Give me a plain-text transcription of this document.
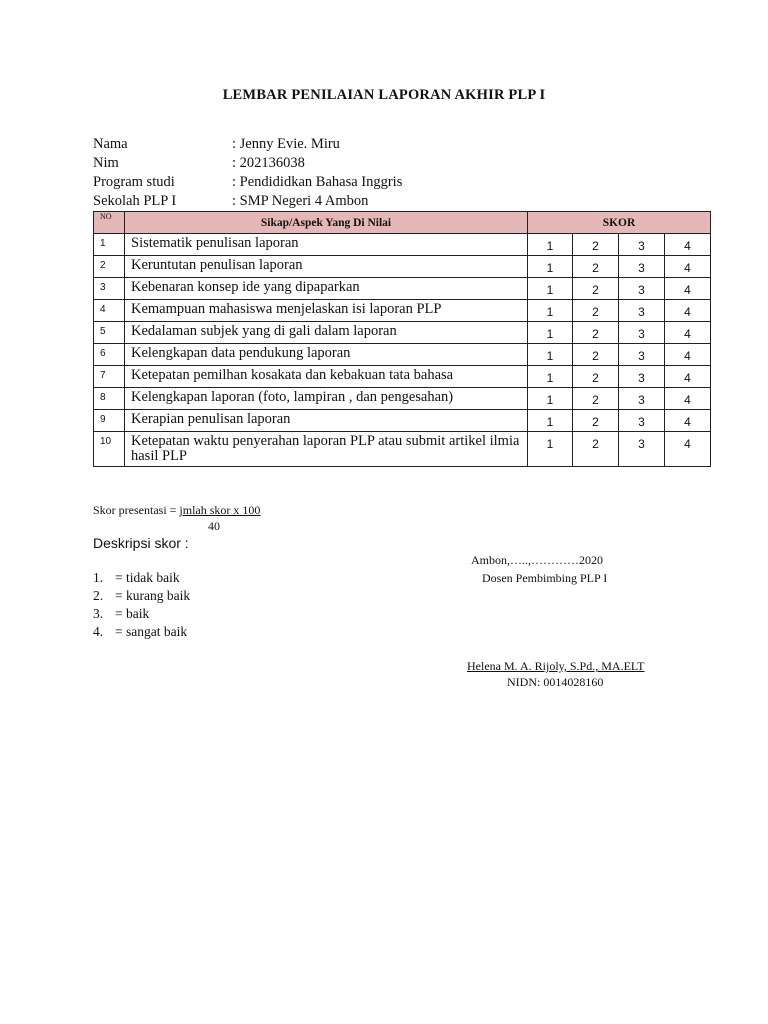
LEMBAR PENILAIAN LAPORAN AKHIR PLP I
Nama	: Jenny Evie. Miru
Nim	: 202136038
Program studi	: Pendididkan Bahasa Inggris
Sekolah PLP I	: SMP Negeri 4 Ambon
NO	Sikap/Aspek Yang Di Nilai	SKOR			
1	Sistematik penulisan laporan	1	2	3	4
2	Keruntutan penulisan laporan	1	2	3	4
3	Kebenaran konsep ide yang dipaparkan	1	2	3	4
4	Kemampuan mahasiswa menjelaskan isi laporan PLP	1	2	3	4
5	Kedalaman subjek yang di gali dalam laporan	1	2	3	4
6	Kelengkapan data pendukung laporan	1	2	3	4
7	Ketepatan pemilhan kosakata dan kebakuan tata bahasa	1	2	3	4
8	Kelengkapan laporan (foto, lampiran , dan pengesahan)	1	2	3	4
9	Kerapian penulisan laporan	1	2	3	4
10	Ketepatan waktu penyerahan laporan PLP atau submit artikel ilmia hasil PLP	1	2	3	4
Skor presentasi = jmlah skor x 100
40
Deskripsi skor :
1. = tidak baik
2. = kurang baik
3. = baik
4. = sangat baik
Ambon,…..,…………2020
Dosen Pembimbing PLP I
Helena M. A. Rijoly, S.Pd., MA.ELT
NIDN: 0014028160
